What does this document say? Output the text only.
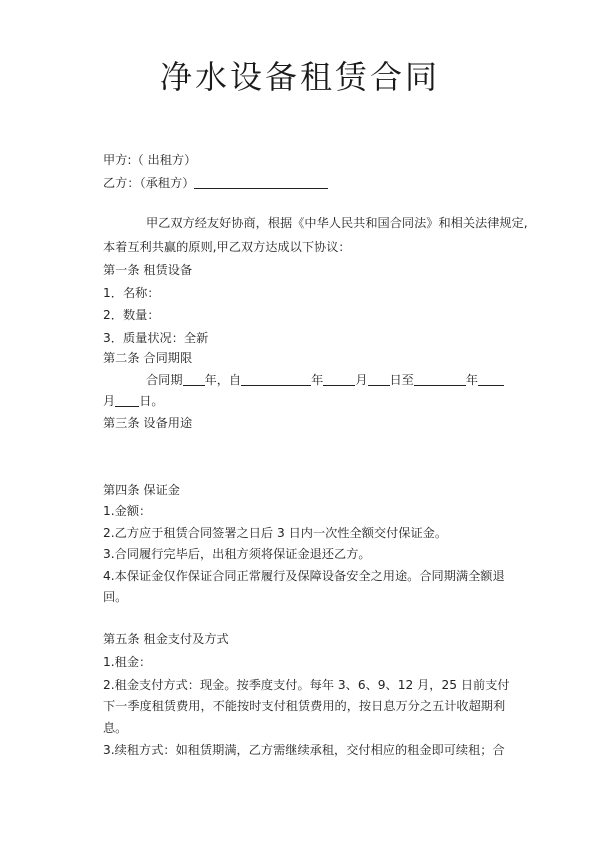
净水设备租赁合同
甲方:（ 出租方）
乙方：（承租方）
甲乙双方经友好协商，根据《中华人民共和国合同法》和相关法律规定,
本着互利共赢的原则,甲乙双方达成以下协议：
第一条 租赁设备
1．名称：
2．数量：
3．质量状况：全新
第二条 合同期限
合同期 年，自	年	月 日至	年
月 日。
第三条 设备用途
第四条 保证金
1.金额：
2.乙方应于租赁合同签署之日后 3 日内一次性全额交付保证金。
3.合同履行完毕后，出租方须将保证金退还乙方。
4.本保证金仅作保证合同正常履行及保障设备安全之用途。合同期满全额退
回。
第五条 租金支付及方式
1.租金：
2.租金支付方式：现金。按季度支付。每年 3、6、9、12 月，25 日前支付
下一季度租赁费用，不能按时支付租赁费用的，按日息万分之五计收超期利
息。
3.续租方式：如租赁期满，乙方需继续承租，交付相应的租金即可续租；合
